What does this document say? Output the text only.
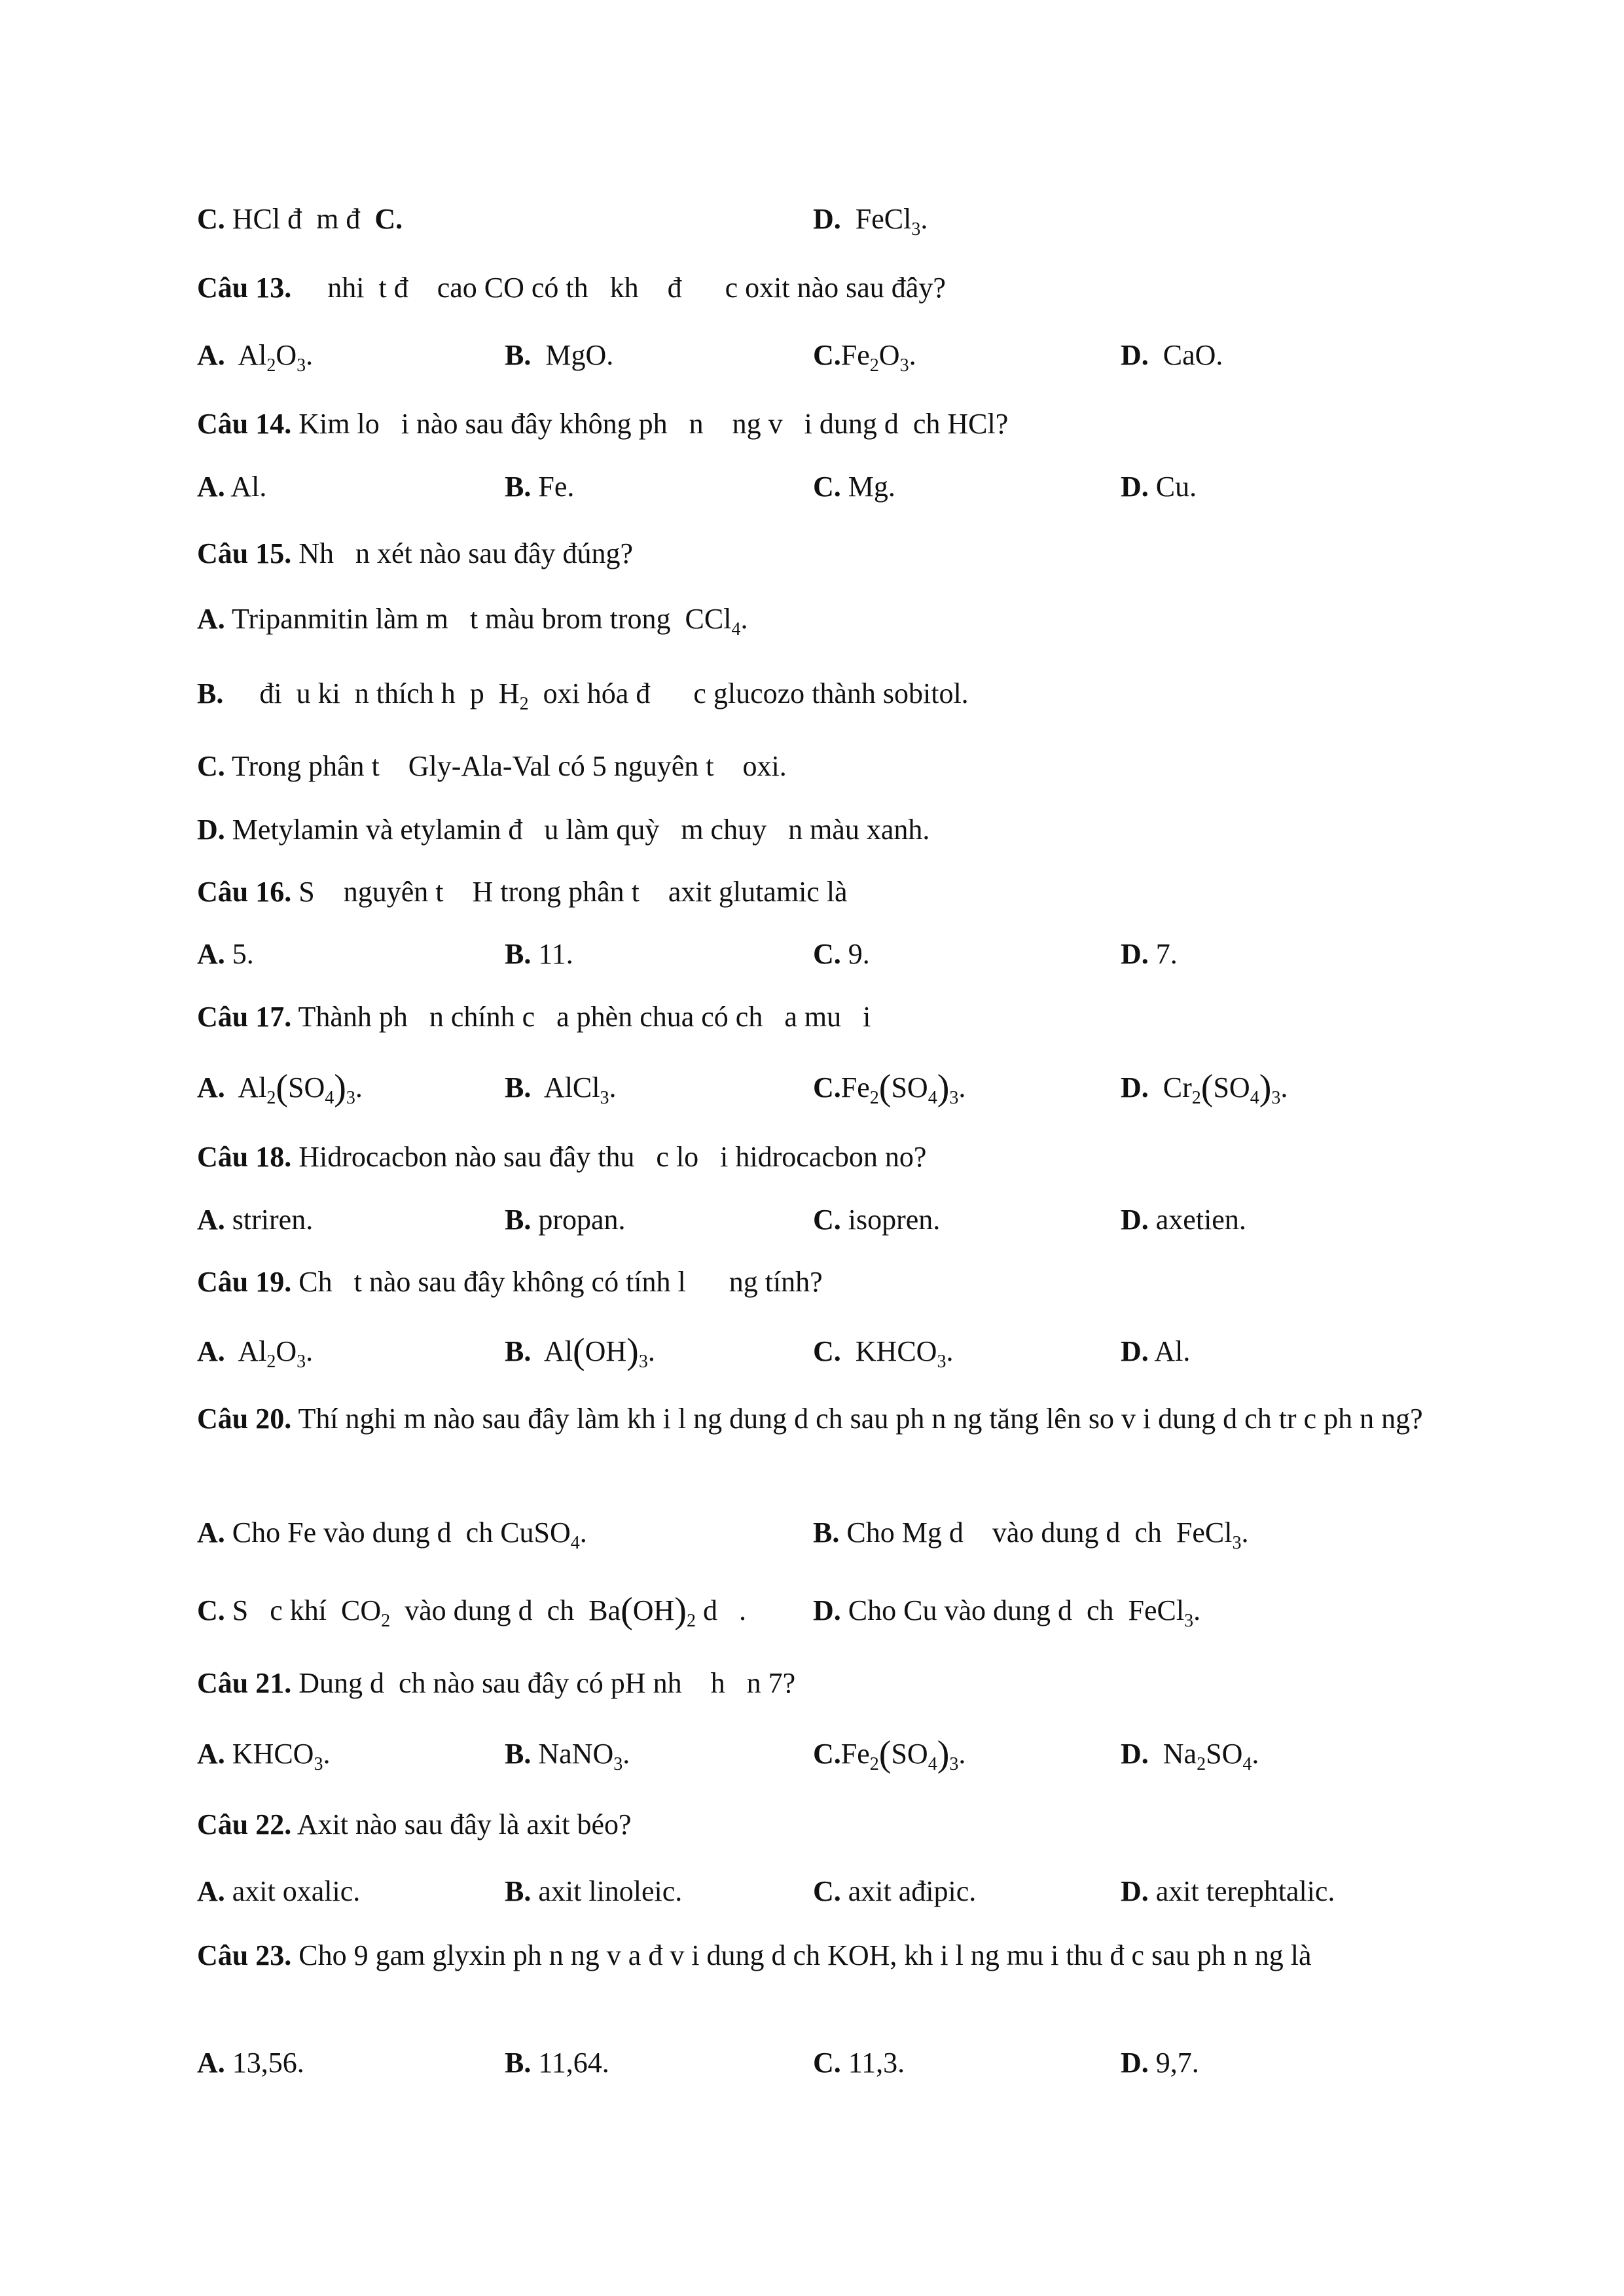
C. HCl đ  m đ  C.	D.  FeCl$_3$.
Câu 13.     nhi  t đ    cao CO có th   kh    đ      c oxit nào sau đây?
A.  $Al_2O_3$.	B.  MgO.	$C.Fe_2O_3$.	D.  CaO.
Câu 14. Kim lo   i nào sau đây không ph   n    ng v   i dung d  ch HCl?
A. Al.	B. Fe.	C. Mg.	D. Cu.
Câu 15. Nh   n xét nào sau đây đúng?
A. Tripanmitin làm m   t màu brom trong  CCl$_4$.
B.     đi  u ki  n thích h  p  $H_2$  oxi hóa đ      c glucozo thành sobitol.
C. Trong phân t    Gly-Ala-Val có 5 nguyên t    oxi.
D. Metylamin và etylamin đ   u làm quỳ   m chuy   n màu xanh.
Câu 16. S    nguyên t    H trong phân t    axit glutamic là
A. 5.	B. 11.	C. 9.	D. 7.
Câu 17. Thành ph   n chính c   a phèn chua có ch   a mu   i
A.  $Al_2(SO_4)_3$.	B.  AlCl$_3$.	$C.Fe_2(SO_4)_3$.	D.  $Cr_2(SO_4)_3$.
Câu 18. Hidrocacbon nào sau đây thu   c lo   i hidrocacbon no?
A. striren.	B. propan.	C. isopren.	D. axetien.
Câu 19. Ch   t nào sau đây không có tính l      ng tính?
A.  $Al_2O_3$.	B.  $Al(OH)_3$.	C.  $KHCO_3$.	D. Al.
Câu 20. Thí nghi m nào sau đây làm kh i l ng dung d ch sau ph n ng tăng lên so v i dung d ch tr c ph n ng?
A. Cho Fe vào dung d  ch CuSO$_4$.	B. Cho Mg d    vào dung d  ch  FeCl$_3$.
C. S   c khí  $CO_2$  vào dung d  ch  $Ba(OH)_2$ d   . D. Cho Cu vào dung d  ch  FeCl$_3$.
Câu 21. Dung d  ch nào sau đây có pH nh    h   n 7?
A. $KHCO_3$.	B. NaNO$_3$.	$C.Fe_2(SO_4)_3$.	D.  $Na_2SO_4$.
Câu 22. Axit nào sau đây là axit béo?
A. axit oxalic.	B. axit linoleic.	C. axit ađipic.	D. axit terephtalic.
Câu 23. Cho 9 gam glyxin ph n ng v a đ v i dung d ch KOH, kh i l ng mu i thu đ c sau ph n ng là
A. 13,56.	B. 11,64.	C. 11,3.	D. 9,7.
